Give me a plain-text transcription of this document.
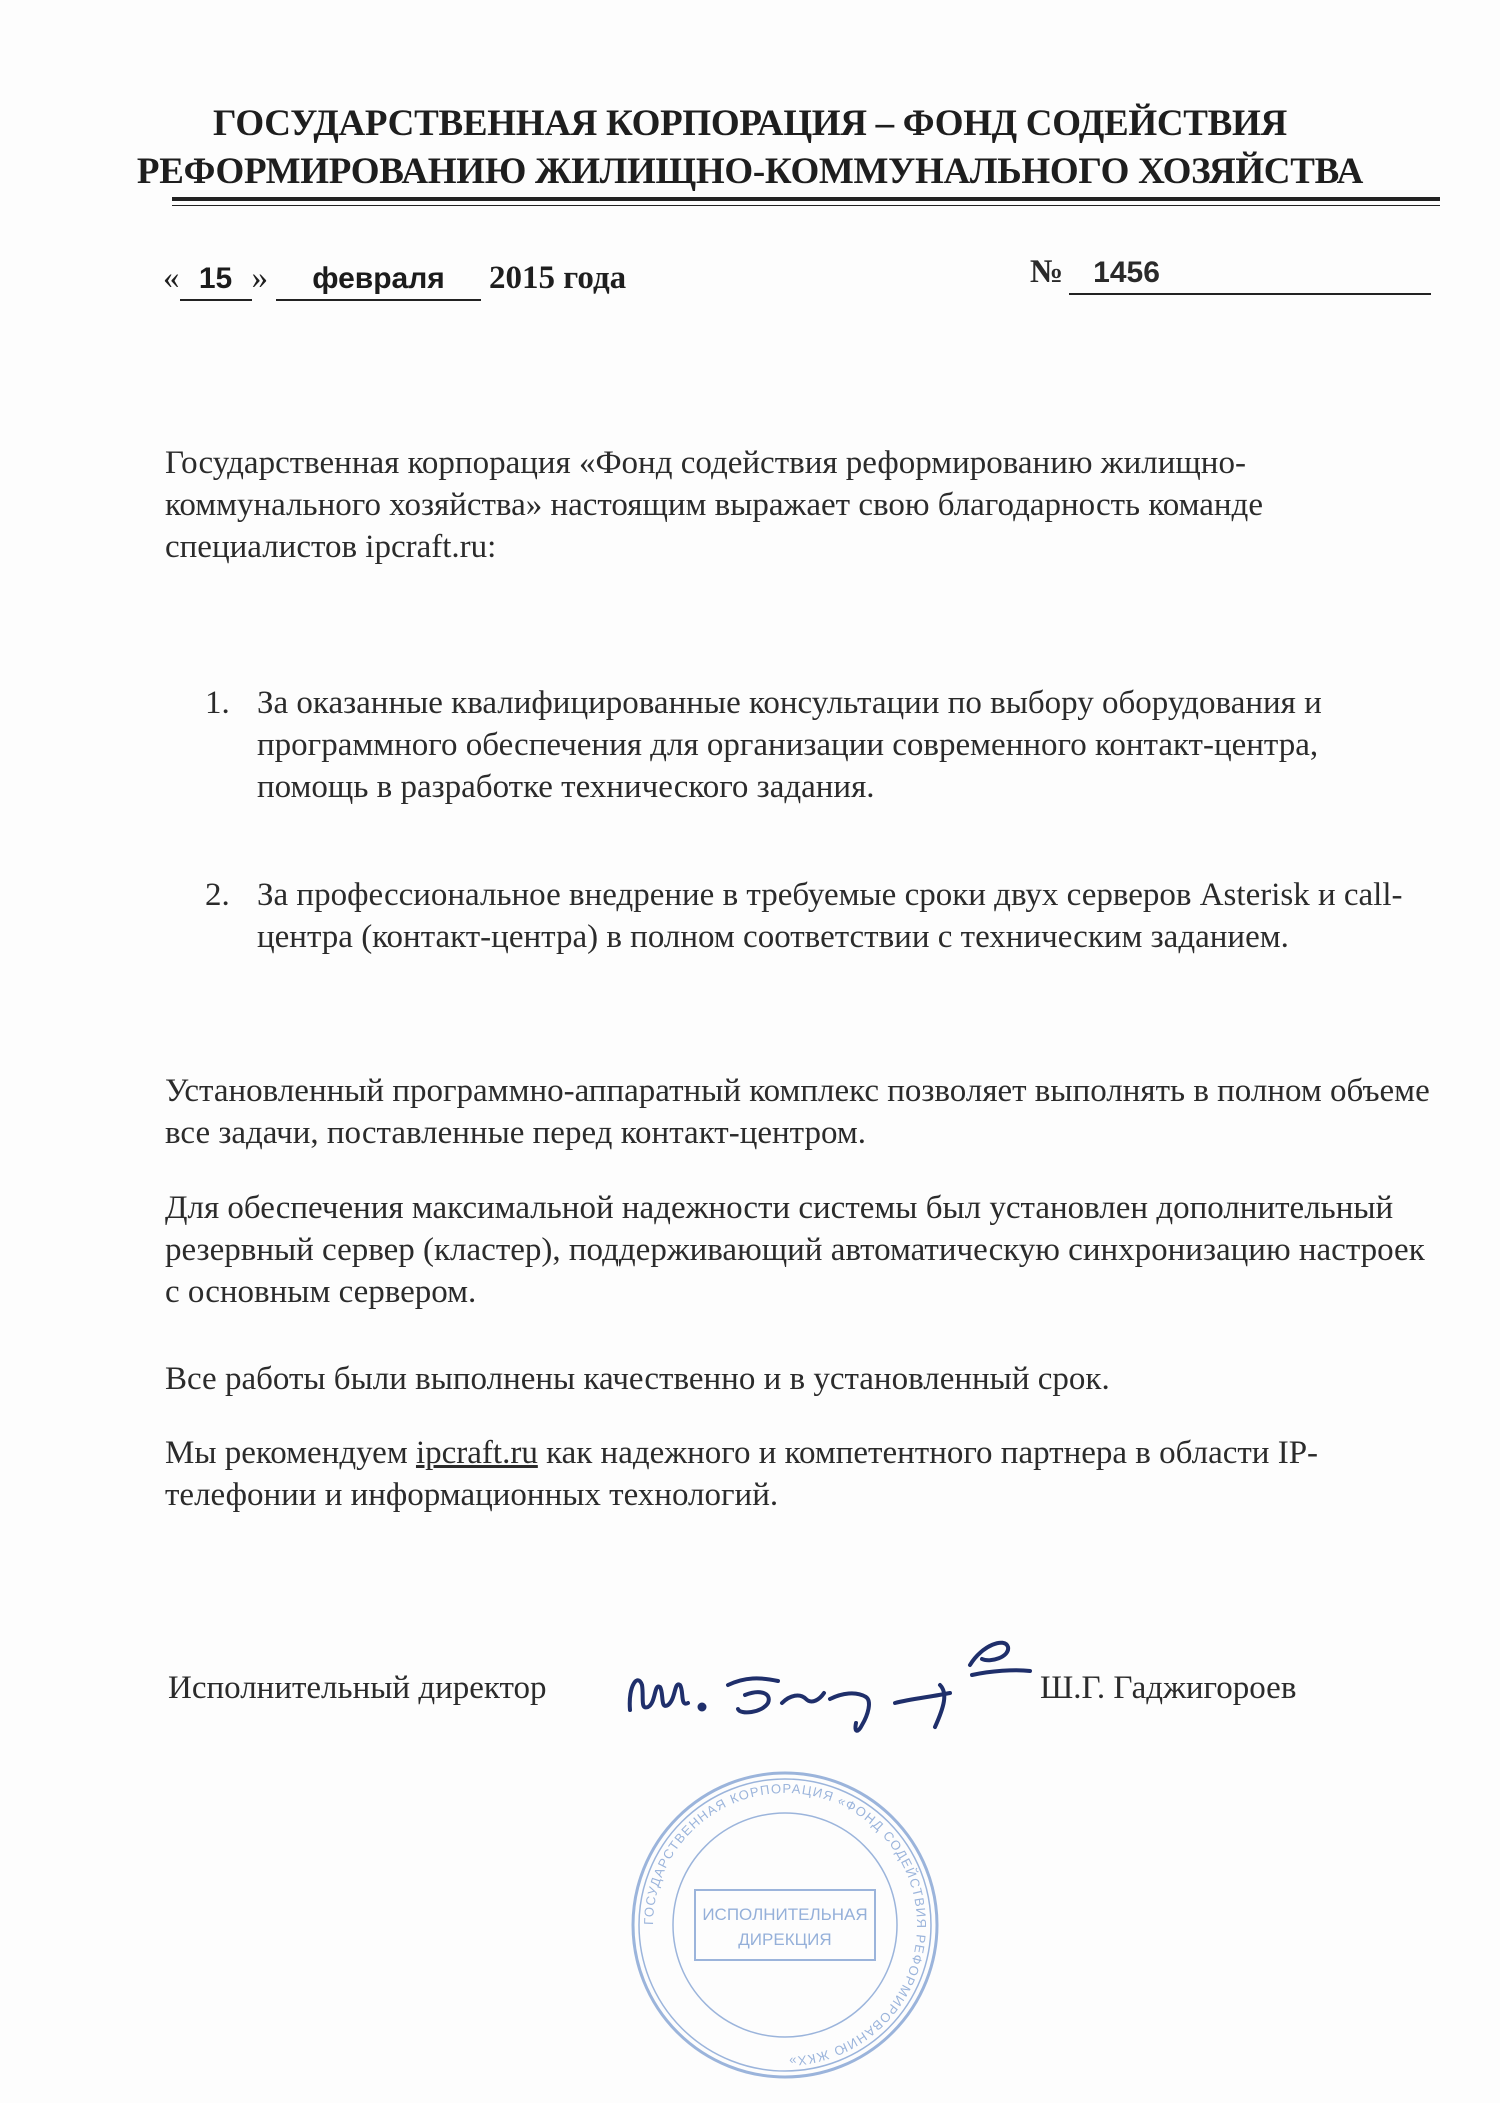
ГОСУДАРСТВЕННАЯ КОРПОРАЦИЯ – ФОНД СОДЕЙСТВИЯ
РЕФОРМИРОВАНИЮ ЖИЛИЩНО-КОММУНАЛЬНОГО ХОЗЯЙСТВА
« 15 » февраля 2015 года	№ 1456
Государственная корпорация «Фонд содействия реформированию жилищно-коммунального хозяйства» настоящим выражает свою благодарность команде специалистов ipcraft.ru:
1. За оказанные квалифицированные консультации по выбору оборудования и программного обеспечения для организации современного контакт-центра, помощь в разработке технического задания.
2. За профессиональное внедрение в требуемые сроки двух серверов Asterisk и call-центра (контакт-центра) в полном соответствии с техническим заданием.
Установленный программно-аппаратный комплекс позволяет выполнять в полном объеме все задачи, поставленные перед контакт-центром.
Для обеспечения максимальной надежности системы был установлен дополнительный резервный сервер (кластер), поддерживающий автоматическую синхронизацию настроек с основным сервером.
Все работы были выполнены качественно и в установленный срок.
Мы рекомендуем ipcraft.ru как надежного и компетентного партнера в области IP-телефонии и информационных технологий.
Исполнительный директор	Ш.Г. Гаджигороев
ГОСУДАРСТВЕННАЯ КОРПОРАЦИЯ «ФОНД СОДЕЙСТВИЯ РЕФОРМИРОВАНИЮ ЖКХ»
ИСПОЛНИТЕЛЬНАЯ
ДИРЕКЦИЯ
